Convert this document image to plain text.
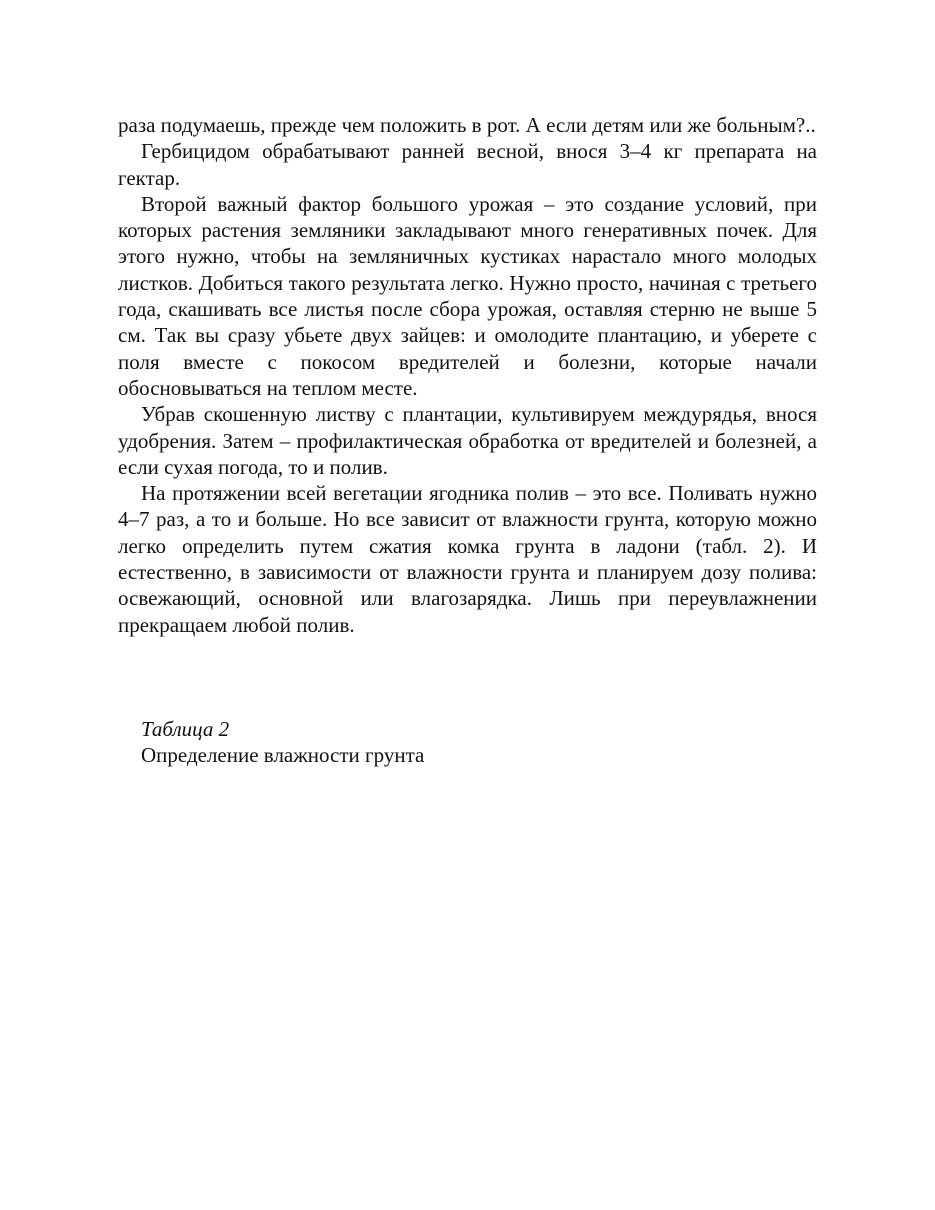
раза подумаешь, прежде чем положить в рот. А если детям или же больным?..

Гербицидом обрабатывают ранней весной, внося 3–4 кг препарата на гектар.

Второй важный фактор большого урожая – это создание условий, при которых растения земляники закладывают много генеративных почек. Для этого нужно, чтобы на земляничных кустиках нарастало много молодых листков. Добиться такого результата легко. Нужно просто, начиная с третьего года, скашивать все листья после сбора урожая, оставляя стерню не выше 5 см. Так вы сразу убьете двух зайцев: и омолодите плантацию, и уберете с поля вместе с покосом вредителей и болезни, которые начали обосновываться на теплом месте.

Убрав скошенную листву с плантации, культивируем междурядья, внося удобрения. Затем – профилактическая обработка от вредителей и болезней, а если сухая погода, то и полив.

На протяжении всей вегетации ягодника полив – это все. Поливать нужно 4–7 раз, а то и больше. Но все зависит от влажности грунта, которую можно легко определить путем сжатия комка грунта в ладони (табл. 2). И естественно, в зависимости от влажности грунта и планируем дозу полива: освежающий, основной или влагозарядка. Лишь при переувлажнении прекращаем любой полив.

Таблица 2
Определение влажности грунта
